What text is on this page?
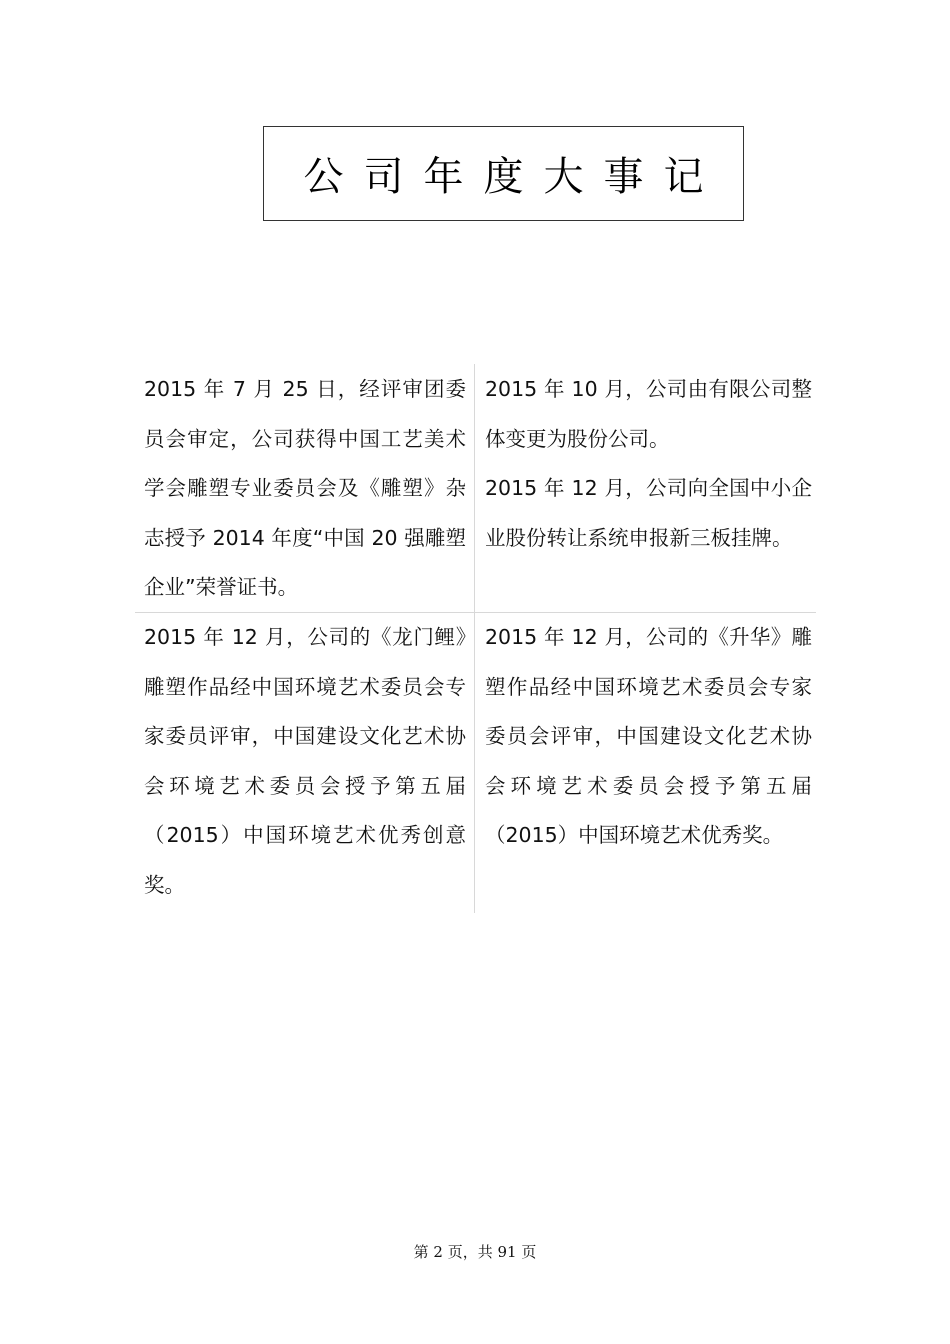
公司年度大事记

2015 年 7 月 25 日，经评审团委员会审定，公司获得中国工艺美术学会雕塑专业委员会及《雕塑》杂志授予 2014 年度“中国 20 强雕塑企业”荣誉证书。

2015 年 10 月，公司由有限公司整体变更为股份公司。

2015 年 12 月，公司向全国中小企业股份转让系统申报新三板挂牌。

2015 年 12 月，公司的《龙门鲤》雕塑作品经中国环境艺术委员会专家委员评审，中国建设文化艺术协会环境艺术委员会授予第五届（2015）中国环境艺术优秀创意奖。

2015 年 12 月，公司的《升华》雕塑作品经中国环境艺术委员会专家委员会评审，中国建设文化艺术协会环境艺术委员会授予第五届（2015）中国环境艺术优秀奖。

第 2 页，共 91 页
